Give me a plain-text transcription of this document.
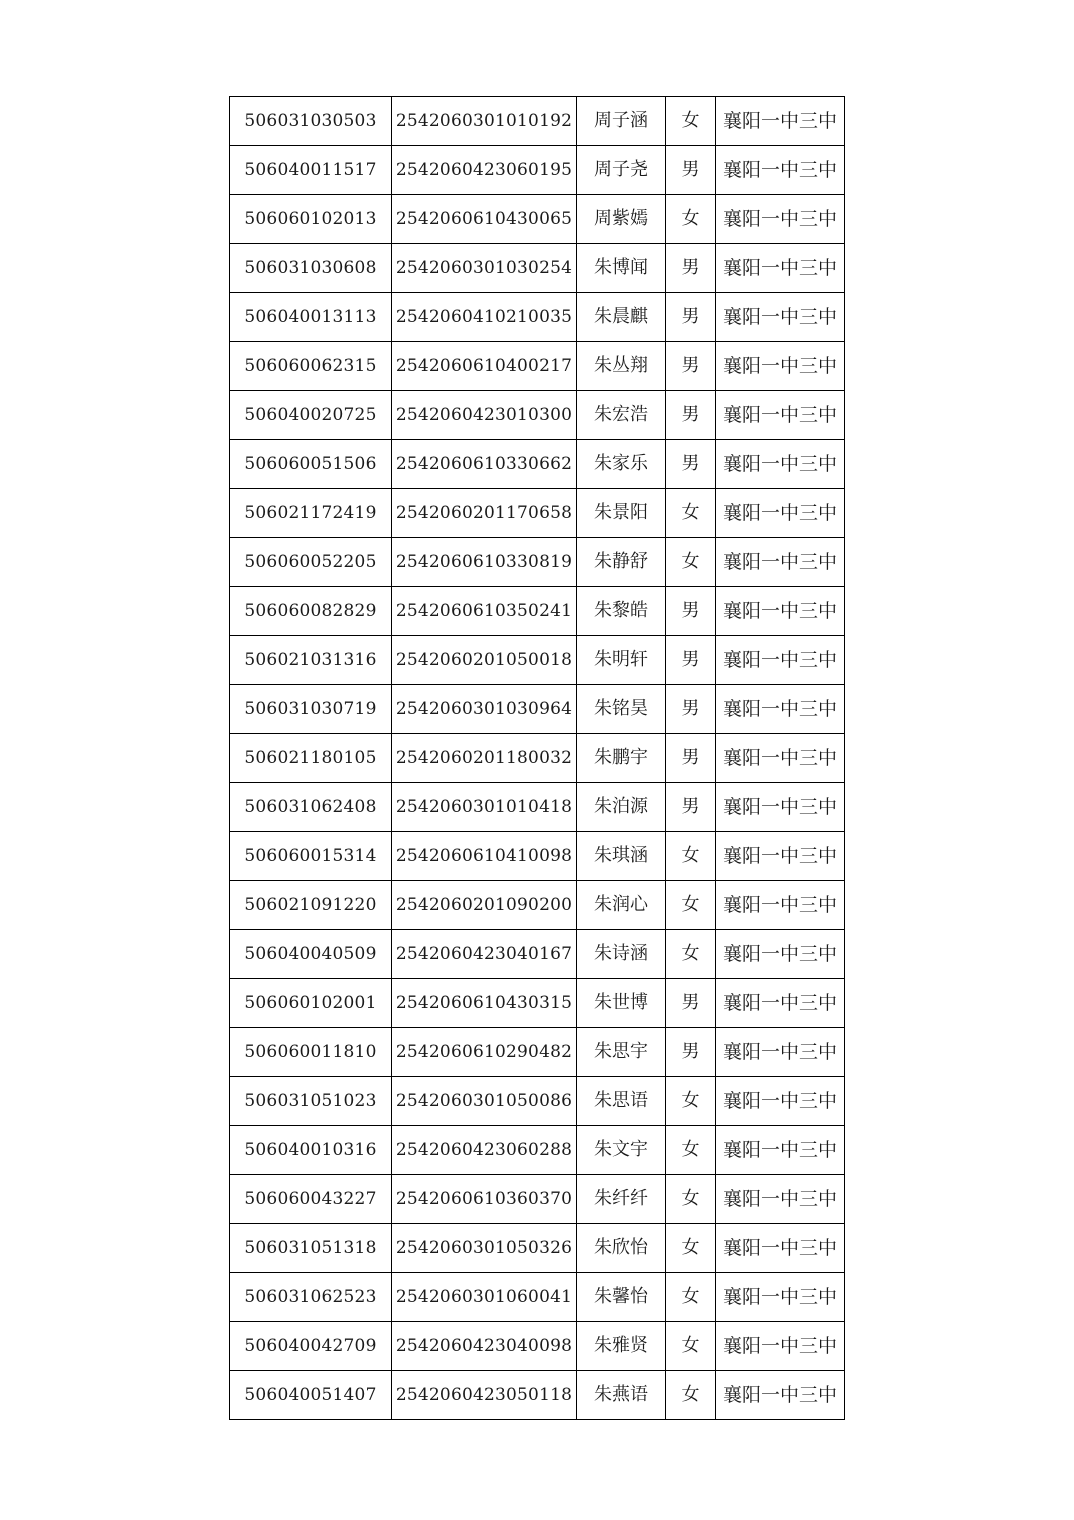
506031030503	2542060301010192	周子涵	女	襄阳一中三中
506040011517	2542060423060195	周子尧	男	襄阳一中三中
506060102013	2542060610430065	周紫嫣	女	襄阳一中三中
506031030608	2542060301030254	朱博闻	男	襄阳一中三中
506040013113	2542060410210035	朱晨麒	男	襄阳一中三中
506060062315	2542060610400217	朱丛翔	男	襄阳一中三中
506040020725	2542060423010300	朱宏浩	男	襄阳一中三中
506060051506	2542060610330662	朱家乐	男	襄阳一中三中
506021172419	2542060201170658	朱景阳	女	襄阳一中三中
506060052205	2542060610330819	朱静舒	女	襄阳一中三中
506060082829	2542060610350241	朱黎皓	男	襄阳一中三中
506021031316	2542060201050018	朱明轩	男	襄阳一中三中
506031030719	2542060301030964	朱铭昊	男	襄阳一中三中
506021180105	2542060201180032	朱鹏宇	男	襄阳一中三中
506031062408	2542060301010418	朱泊源	男	襄阳一中三中
506060015314	2542060610410098	朱琪涵	女	襄阳一中三中
506021091220	2542060201090200	朱润心	女	襄阳一中三中
506040040509	2542060423040167	朱诗涵	女	襄阳一中三中
506060102001	2542060610430315	朱世博	男	襄阳一中三中
506060011810	2542060610290482	朱思宇	男	襄阳一中三中
506031051023	2542060301050086	朱思语	女	襄阳一中三中
506040010316	2542060423060288	朱文宇	女	襄阳一中三中
506060043227	2542060610360370	朱纤纤	女	襄阳一中三中
506031051318	2542060301050326	朱欣怡	女	襄阳一中三中
506031062523	2542060301060041	朱馨怡	女	襄阳一中三中
506040042709	2542060423040098	朱雅贤	女	襄阳一中三中
506040051407	2542060423050118	朱燕语	女	襄阳一中三中
